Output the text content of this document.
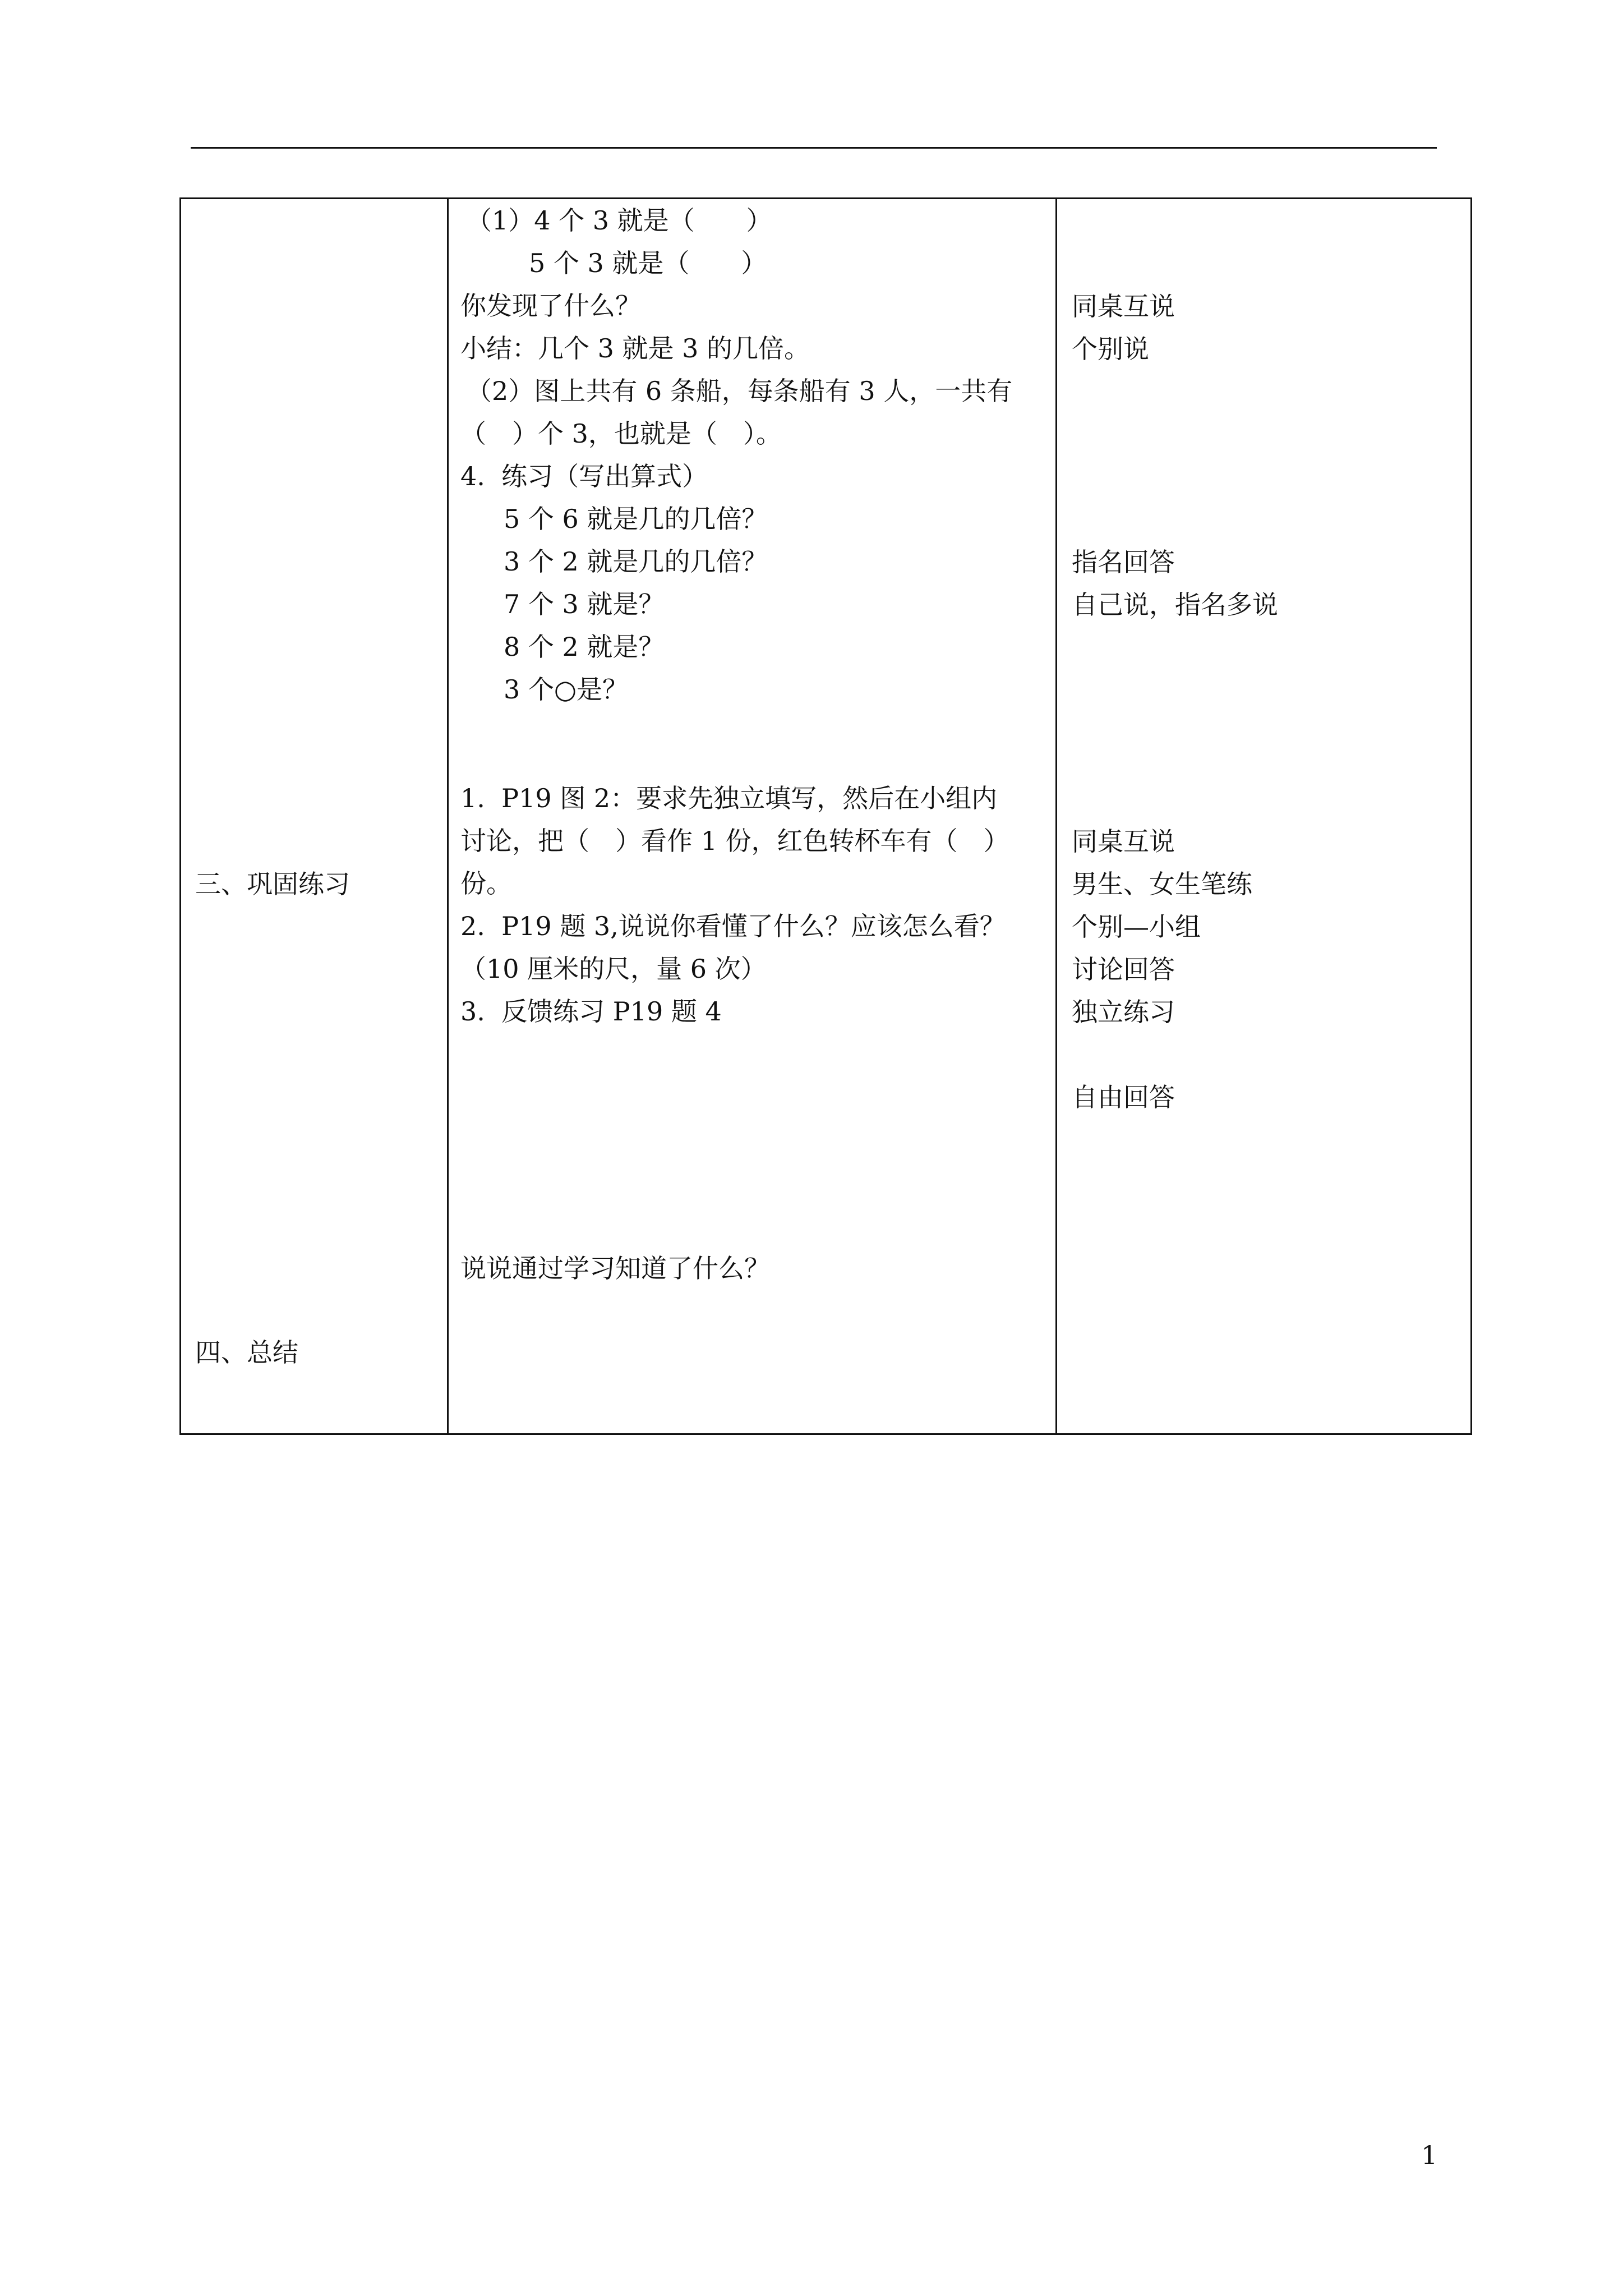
三、巩固练习
四、总结
（1）4 个 3 就是（　　）
5 个 3 就是（　　）
你发现了什么？
小结：几个 3 就是 3 的几倍。
（2）图上共有 6 条船，每条船有 3 人，一共有
（　）个 3，也就是（　）。
4.  练习（写出算式）
5 个 6 就是几的几倍？
3 个 2 就是几的几倍？
7 个 3 就是？
8 个 2 就是？
3 个○是？
1.  P19 图 2：要求先独立填写，然后在小组内
讨论，把（　）看作 1 份，红色转杯车有（　）
份。
2.  P19 题 3,说说你看懂了什么？应该怎么看？
（10 厘米的尺，量 6 次）
3.  反馈练习 P19 题 4
说说通过学习知道了什么？
同桌互说
个别说
指名回答
自己说，指名多说
同桌互说
男生、女生笔练
个别—小组
讨论回答
独立练习
自由回答
1
